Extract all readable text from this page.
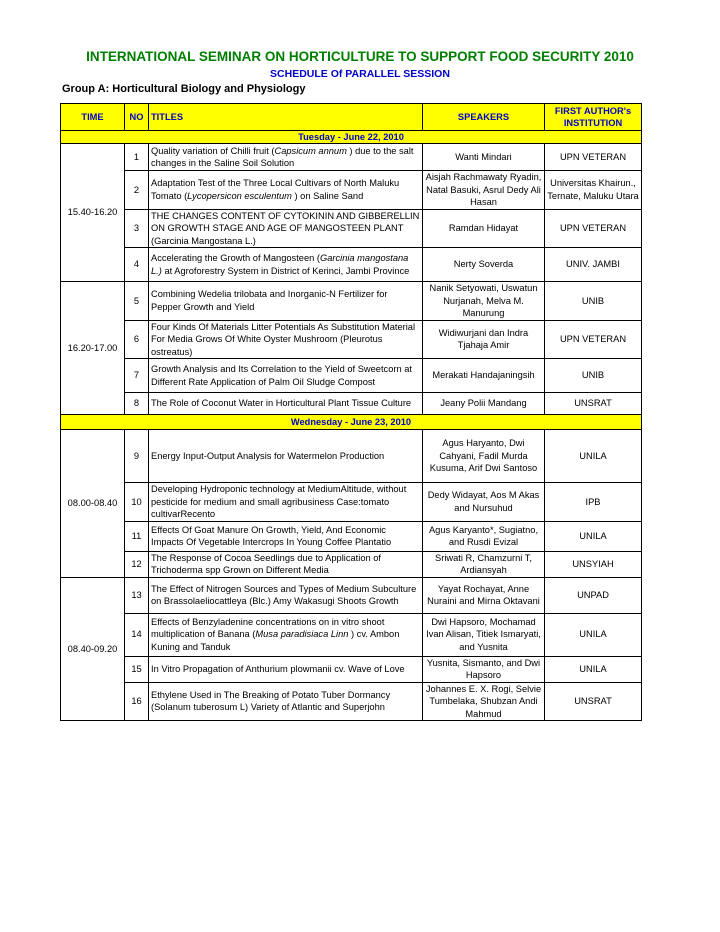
INTERNATIONAL SEMINAR ON HORTICULTURE TO SUPPORT FOOD SECURITY 2010
SCHEDULE Of PARALLEL SESSION
Group A: Horticultural Biology and Physiology
TIME	NO	TITLES	SPEAKERS	FIRST AUTHOR's INSTITUTION
Tuesday - June 22, 2010				
15.40-16.20	1	Quality variation of Chilli fruit (Capsicum annum ) due to the salt changes in the Saline Soil Solution	Wanti Mindari	UPN VETERAN
	2	Adaptation Test of the Three Local Cultivars of North Maluku Tomato (Lycopersicon esculentum ) on Saline Sand	Aisjah Rachmawaty Ryadin, Natal Basuki, Asrul Dedy Ali Hasan	Universitas Khairun., Ternate, Maluku Utara
	3	THE CHANGES CONTENT OF CYTOKININ AND GIBBERELLIN ON GROWTH STAGE AND AGE OF MANGOSTEEN PLANT (Garcinia Mangostana L.)	Ramdan Hidayat	UPN VETERAN
	4	Accelerating the Growth of Mangosteen (Garcinia mangostana L.) at Agroforestry System in District of Kerinci, Jambi Province	Nerty Soverda	UNIV. JAMBI
16.20-17.00	5	Combining Wedelia trilobata and Inorganic-N Fertilizer for Pepper Growth and Yield	Nanik Setyowati, Uswatun Nurjanah, Melva M. Manurung	UNIB
	6	Four Kinds Of Materials Litter Potentials As Substitution Material For Media Grows Of White Oyster Mushroom (Pleurotus ostreatus)	Widiwurjani dan Indra Tjahaja Amir	UPN VETERAN
	7	Growth Analysis and Its Correlation to the Yield of Sweetcorn at Different Rate Application of Palm Oil Sludge Compost	Merakati Handajaningsih	UNIB
	8	The Role of Coconut Water in Horticultural Plant Tissue Culture	Jeany Polii Mandang	UNSRAT
Wednesday - June 23, 2010				
08.00-08.40	9	Energy Input-Output Analysis for Watermelon Production	Agus Haryanto, Dwi Cahyani, Fadil Murda Kusuma, Arif Dwi Santoso	UNILA
	10	Developing Hydroponic technology at MediumAltitude, without pesticide for medium and small agribusiness Case:tomato cultivarRecento	Dedy Widayat, Aos M Akas and Nursuhud	IPB
	11	Effects Of Goat Manure On Growth, Yield, And Economic Impacts Of Vegetable Intercrops In Young Coffee Plantatio	Agus Karyanto*, Sugiatno, and Rusdi Evizal	UNILA
	12	The Response of Cocoa Seedlings due to Application of Trichoderma spp Grown on Different Media	Sriwati R, Chamzurni T, Ardiansyah	UNSYIAH
08.40-09.20	13	The Effect of Nitrogen Sources and Types of Medium Subculture on Brassolaeliocattleya (Blc.) Amy Wakasugi Shoots Growth	Yayat Rochayat, Anne Nuraini and Mirna Oktavani	UNPAD
	14	Effects of Benzyladenine concentrations on in vitro shoot multiplication of Banana (Musa paradisiaca Linn ) cv. Ambon Kuning and Tanduk	Dwi Hapsoro, Mochamad Ivan Alisan, Titiek Ismaryati, and Yusnita	UNILA
	15	In Vitro Propagation of Anthurium plowmanii cv. Wave of Love	Yusnita, Sismanto, and Dwi Hapsoro	UNILA
	16	Ethylene Used in The Breaking of Potato Tuber Dormancy (Solanum tuberosum L) Variety of Atlantic and Superjohn	Johannes E. X. Rogi, Selvie Tumbelaka, Shubzan Andi Mahmud	UNSRAT
